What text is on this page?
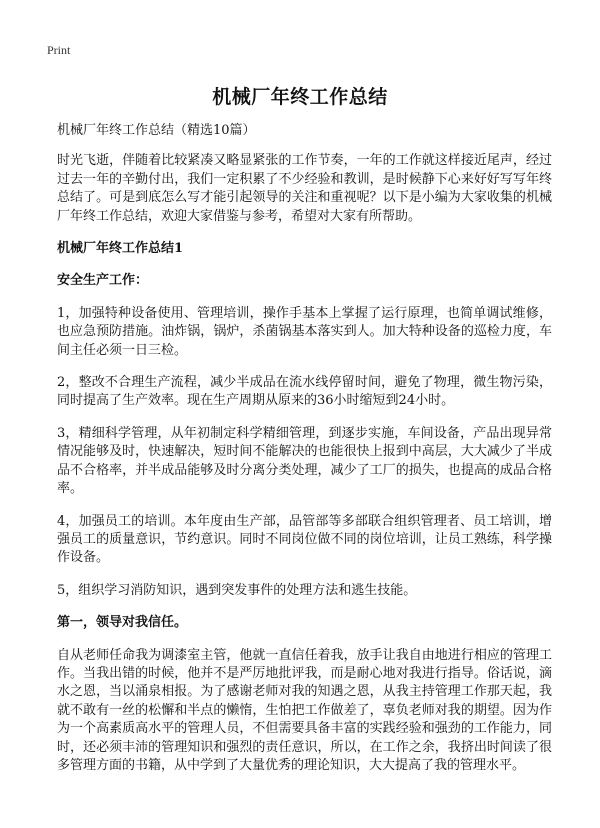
Print
机械厂年终工作总结

机械厂年终工作总结（精选10篇）

时光飞逝，伴随着比较紧凑又略显紧张的工作节奏，一年的工作就这样接近尾声，经过过去一年的辛勤付出，我们一定积累了不少经验和教训，是时候静下心来好好写写年终总结了。可是到底怎么写才能引起领导的关注和重视呢？以下是小编为大家收集的机械厂年终工作总结，欢迎大家借鉴与参考，希望对大家有所帮助。

机械厂年终工作总结1

安全生产工作：

1，加强特种设备使用、管理培训，操作手基本上掌握了运行原理，也简单调试维修，也应急预防措施。油炸锅，锅炉，杀菌锅基本落实到人。加大特种设备的巡检力度，车间主任必须一日三检。

2，整改不合理生产流程，减少半成品在流水线停留时间，避免了物理，微生物污染，同时提高了生产效率。现在生产周期从原来的36小时缩短到24小时。

3，精细科学管理，从年初制定科学精细管理，到逐步实施，车间设备，产品出现异常情况能够及时，快速解决，短时间不能解决的也能很快上报到中高层，大大减少了半成品不合格率，并半成品能够及时分离分类处理，减少了工厂的损失，也提高的成品合格率。

4，加强员工的培训。本年度由生产部，品管部等多部联合组织管理者、员工培训，增强员工的质量意识，节约意识。同时不同岗位做不同的岗位培训，让员工熟练，科学操作设备。

5，组织学习消防知识，遇到突发事件的处理方法和逃生技能。

第一，领导对我信任。

自从老师任命我为调漆室主管，他就一直信任着我，放手让我自由地进行相应的管理工作。当我出错的时候，他并不是严厉地批评我，而是耐心地对我进行指导。俗话说，滴水之恩，当以涌泉相报。为了感谢老师对我的知遇之恩，从我主持管理工作那天起，我就不敢有一丝的松懈和半点的懒惰，生怕把工作做差了，辜负老师对我的期望。因为作为一个高素质高水平的管理人员，不但需要具备丰富的实践经验和强劲的工作能力，同时，还必须丰沛的管理知识和强烈的责任意识，所以，在工作之余，我挤出时间读了很多管理方面的书籍，从中学到了大量优秀的理论知识，大大提高了我的管理水平。
